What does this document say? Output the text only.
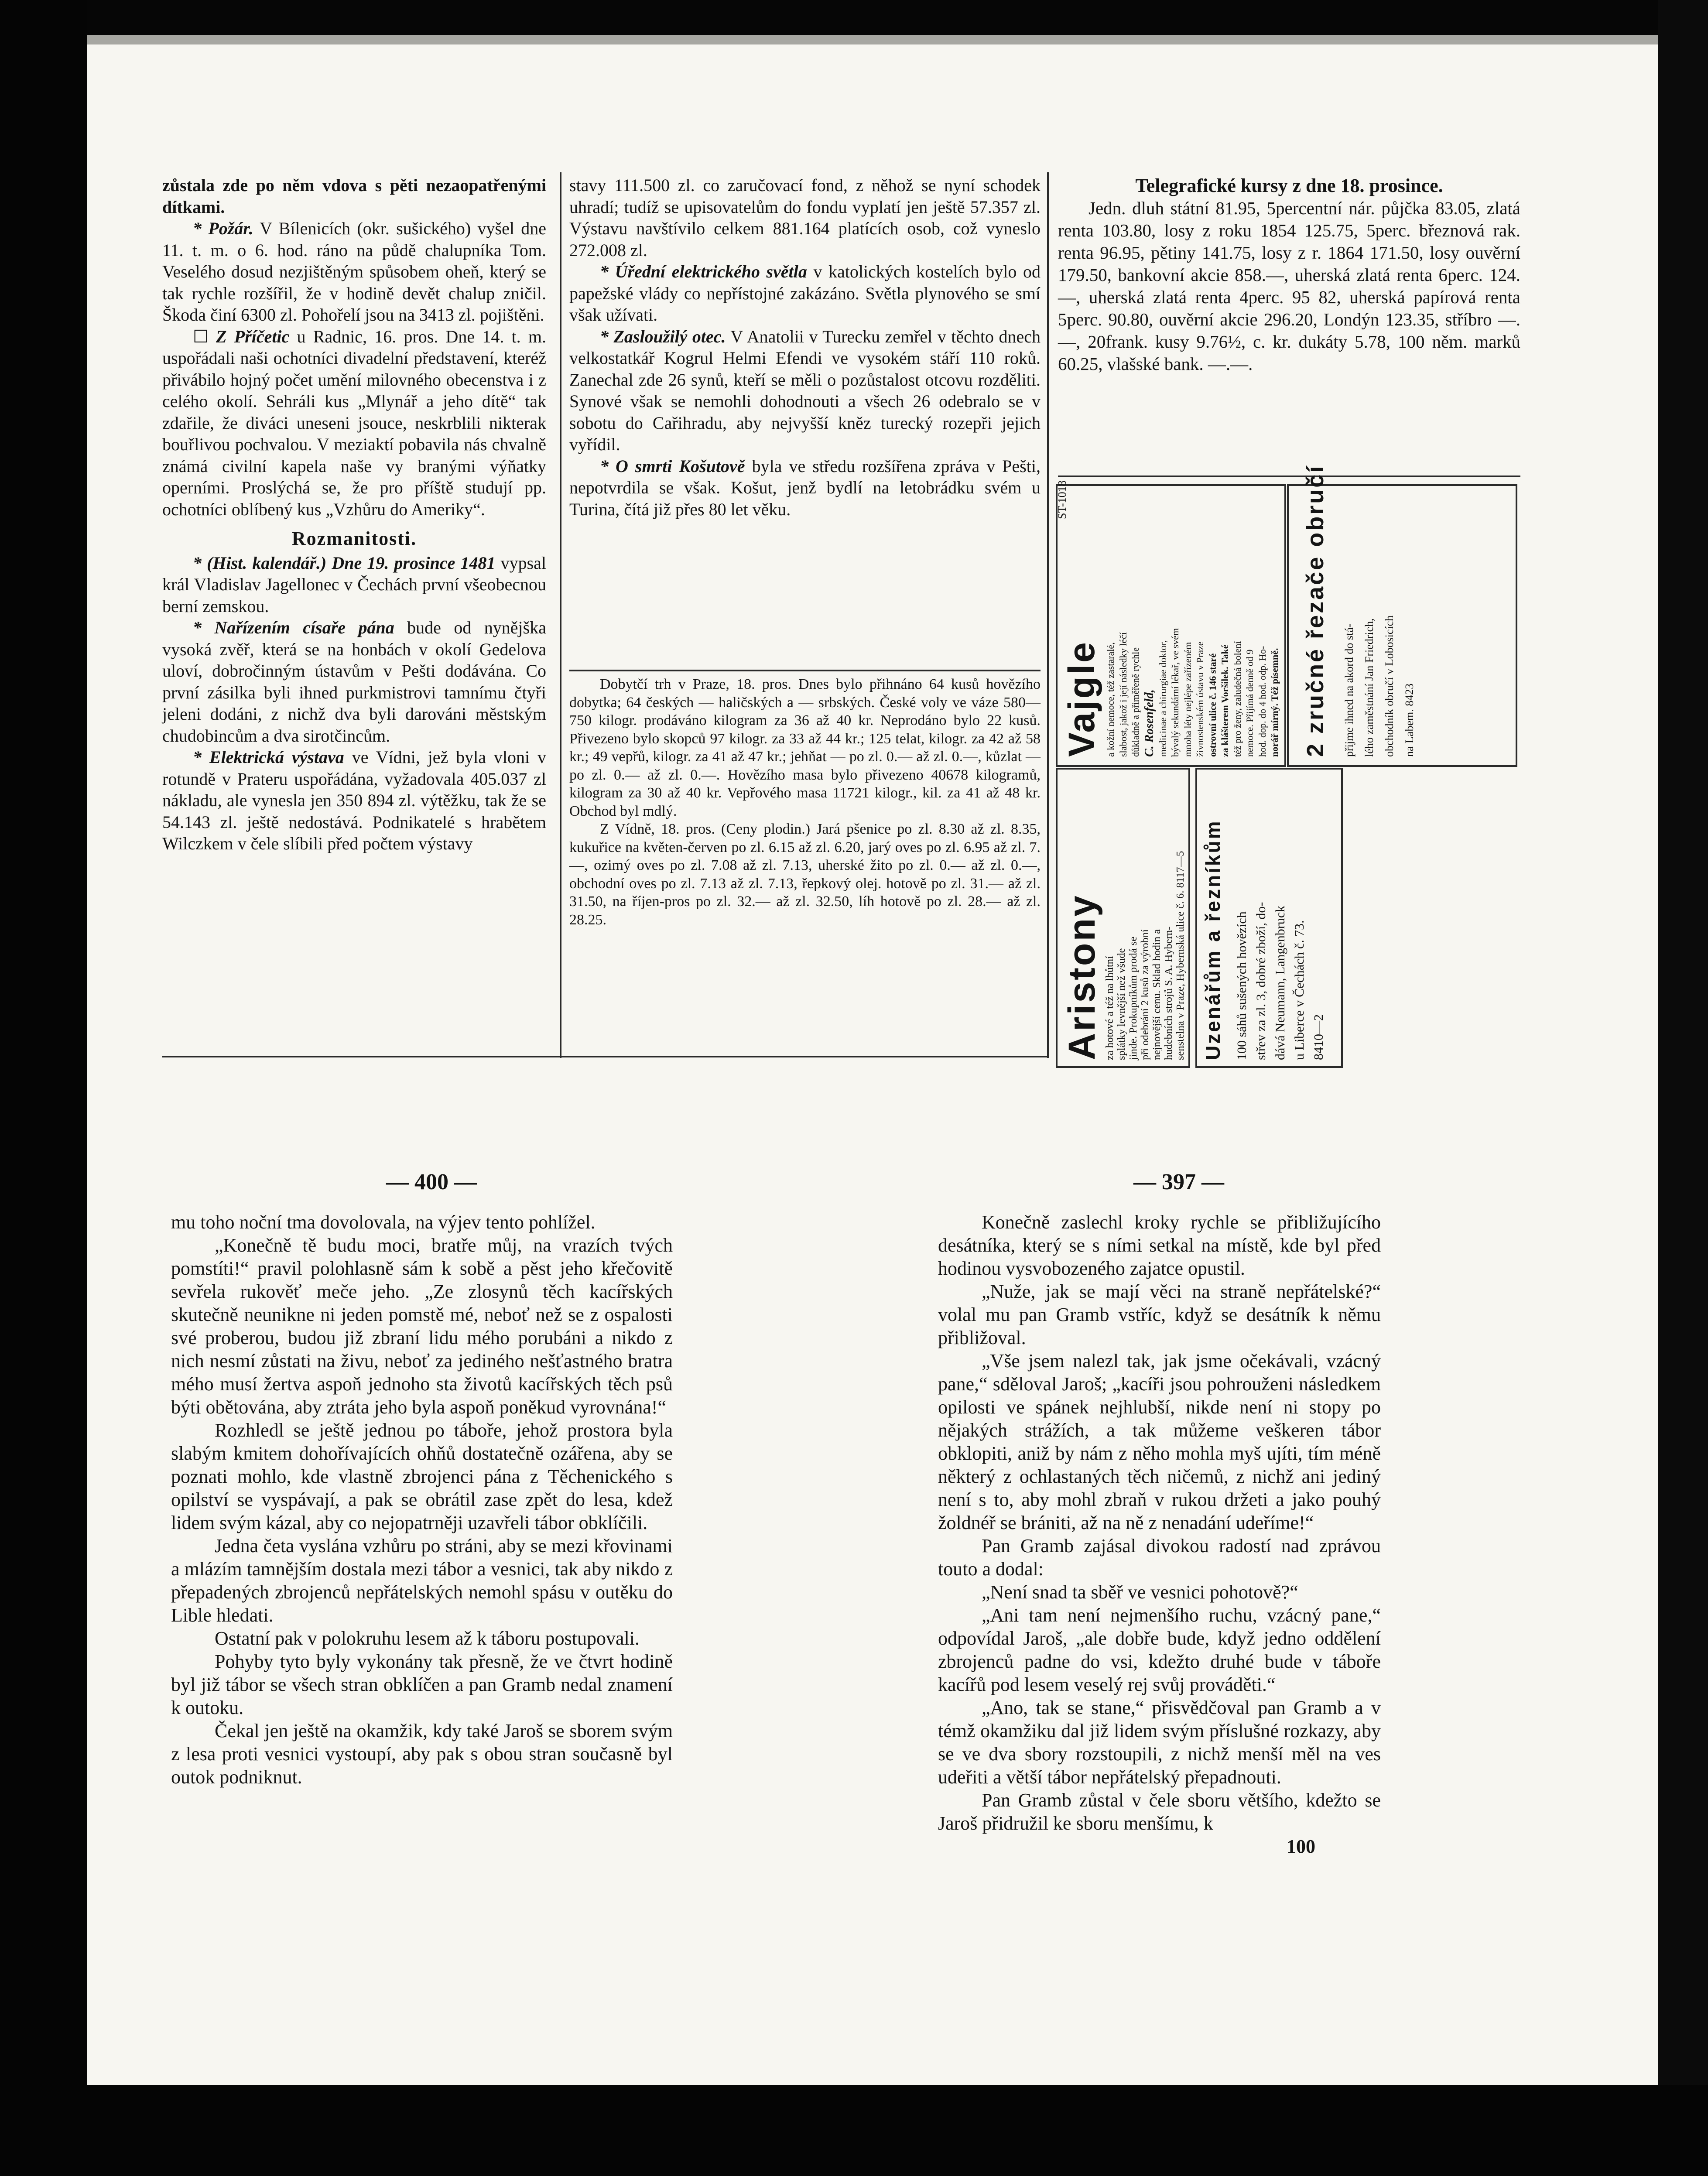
zůstala zde po něm vdova s pěti nezaopatřenými dítkami.

* Požár. V Bílenicích (okr. sušického) vyšel dne 11. t. m. o 6. hod. ráno na půdě chalupníka Tom. Veselého dosud nezjištěným spůsobem oheň, který se tak rychle rozšířil, že v hodině devět chalup zničil. Škoda činí 6300 zl. Pohořelí jsou na 3413 zl. pojištěni.

☐ Z Příčetic u Radnic, 16. pros. Dne 14. t. m. uspořádali naši ochotníci divadelní představení, kteréž přivábilo hojný počet umění milovného obecenstva i z celého okolí. Sehráli kus „Mlynář a jeho dítě“ tak zdařile, že diváci uneseni jsouce, neskrblili nikterak bouřlivou pochvalou. V meziaktí pobavila nás chvalně známá civilní kapela naše vy branými výňatky operními. Proslýchá se, že pro příště studují pp. ochotníci oblíbený kus „Vzhůru do Ameriky“.

Rozmanitosti.

* (Hist. kalendář.) Dne 19. prosince 1481 vypsal král Vladislav Jagellonec v Čechách první všeobecnou berní zemskou.

* Nařízením císaře pána bude od nynějška vysoká zvěř, která se na honbách v okolí Gedelova uloví, dobročinným ústavům v Pešti dodávána. Co první zásilka byli ihned purkmistrovi tamnímu čtyři jeleni dodáni, z nichž dva byli darováni městským chudobincům a dva sirotčincům.

* Elektrická výstava ve Vídni, jež byla vloni v rotundě v Prateru uspořádána, vyžadovala 405.037 zl nákladu, ale vynesla jen 350 894 zl. výtěžku, tak že se 54.143 zl. ještě nedostává. Podnikatelé s hrabětem Wilczkem v čele slíbili před počtem výstavy

stavy 111.500 zl. co zaručovací fond, z něhož se nyní schodek uhradí; tudíž se upisovatelům do fondu vyplatí jen ještě 57.357 zl. Výstavu navštívilo celkem 881.164 platících osob, což vyneslo 272.008 zl.

* Úřední elektrického světla v katolických kostelích bylo od papežské vlády co nepřístojné zakázáno. Světla plynového se smí však užívati.

* Zasloužilý otec. V Anatolii v Turecku zemřel v těchto dnech velkostatkář Kogrul Helmi Efendi ve vysokém stáří 110 roků. Zanechal zde 26 synů, kteří se měli o pozůstalost otcovu rozděliti. Synové však se nemohli dohodnouti a všech 26 odebralo se v sobotu do Cařihradu, aby nejvyšší kněz turecký rozepři jejich vyřídil.

* O smrti Košutově byla ve středu rozšířena zpráva v Pešti, nepotvrdila se však. Košut, jenž bydlí na letobrádku svém u Turina, čítá již přes 80 let věku.

Dobytčí trh v Praze, 18. pros. Dnes bylo přihnáno 64 kusů hovězího dobytka; 64 českých — haličských a — srbských. České voly ve váze 580—750 kilogr. prodáváno kilogram za 36 až 40 kr. Neprodáno bylo 22 kusů. Přivezeno bylo skopců 97 kilogr. za 33 až 44 kr.; 125 telat, kilogr. za 42 až 58 kr.; 49 vepřů, kilogr. za 41 až 47 kr.; jehňat — po zl. 0.— až zl. 0.—, kůzlat — po zl. 0.— až zl. 0.—. Hovězího masa bylo přivezeno 40678 kilogramů, kilogram za 30 až 40 kr. Vepřového masa 11721 kilogr., kil. za 41 až 48 kr. Obchod byl mdlý.

Z Vídně, 18. pros. (Ceny plodin.) Jará pšenice po zl. 8.30 až zl. 8.35, kukuřice na květen-červen po zl. 6.15 až zl. 6.20, jarý oves po zl. 6.95 až zl. 7.—, ozimý oves po zl. 7.08 až zl. 7.13, uherské žito po zl. 0.— až zl. 0.—, obchodní oves po zl. 7.13 až zl. 7.13, řepkový olej. hotově po zl. 31.— až zl. 31.50, na říjen-pros po zl. 32.— až zl. 32.50, líh hotově po zl. 28.— až zl. 28.25.

Telegrafické kursy z dne 18. prosince.

Jedn. dluh státní 81.95, 5percentní nár. půjčka 83.05, zlatá renta 103.80, losy z roku 1854 125.75, 5perc. březnová rak. renta 96.95, pětiny 141.75, losy z r. 1864 171.50, losy ouvěrní 179.50, bankovní akcie 858.—, uherská zlatá renta 6perc. 124.—, uherská zlatá renta 4perc. 95 82, uherská papírová renta 5perc. 90.80, ouvěrní akcie 296.20, Londýn 123.35, stříbro —.—, 20frank. kusy 9.76½, c. kr. dukáty 5.78, 100 něm. marků 60.25, vlašské bank. —.—.

Aristony za hotové a též na lhůtní splátky levnější než všude jinde. Prokupníkům prodá se při odebrání 2 kusů za výrobní nejnovější cenu. Sklad hodin a hudebních strojů S. A. Hybern- senstelna v Praze, Hybernská ulice č. 6. 8117—5
Vajgle a kožní nemoce, též zastaralé, slabost, jakož i její následky léčí důkladně a přiměřeně rychle C. Rosenfeld, medicinae a chirurgiae doktor, bývalý sekundární lékař, ve svém mnoha léty nejlépe zařízeném živnostenském ústavu v Praze ostrovní ulice č. 146 staré za klášterem Voršilek. Také též pro ženy, zaludečná bolení nemoce. Přijímá denně od 9 hod. dop. do 4 hod. odp. Ho- norář mírný. Též písemně.
ST-1018
Uzenářům a řezníkům 100 sáhů sušených hovězích střev za zl. 3, dobré zboží, do- dává Neumann, Langenbruck u Liberce v Čechách č. 73. 8410—2
2 zručné řezače obručí	přijme ihned na akord do stá- lého zaměstnání Jan Friedrich, obchodník obručí v Lobosicích na Labem. 8423
— 400 —	— 397 —

mu toho noční tma dovolovala, na výjev tento pohlížel.

„Konečně tě budu moci, bratře můj, na vrazích tvých pomstíti!“ pravil polohlasně sám k sobě a pěst jeho křečovitě sevřela rukověť meče jeho. „Ze zlosynů těch kacířských skutečně neunikne ni jeden pomstě mé, neboť než se z ospalosti své proberou, budou již zbraní lidu mého porubáni a nikdo z nich nesmí zůstati na živu, neboť za jediného nešťastného bratra mého musí žertva aspoň jednoho sta životů kacířských těch psů býti obětována, aby ztráta jeho byla aspoň poněkud vyrovnána!“

Rozhledl se ještě jednou po táboře, jehož prostora byla slabým kmitem dohořívajících ohňů dostatečně ozářena, aby se poznati mohlo, kde vlastně zbrojenci pána z Těchenického s opilství se vyspávají, a pak se obrátil zase zpět do lesa, kdež lidem svým kázal, aby co nejopatrněji uzavřeli tábor obklíčili.

Jedna četa vyslána vzhůru po stráni, aby se mezi křovinami a mlázím tamnějším dostala mezi tábor a vesnici, tak aby nikdo z přepadených zbrojenců nepřátelských nemohl spásu v outěku do Lible hledati.

Ostatní pak v polokruhu lesem až k táboru postupovali.

Pohyby tyto byly vykonány tak přesně, že ve čtvrt hodině byl již tábor se všech stran obklíčen a pan Gramb nedal znamení k outoku.

Čekal jen ještě na okamžik, kdy také Jaroš se sborem svým z lesa proti vesnici vystoupí, aby pak s obou stran současně byl outok podniknut.

Konečně zaslechl kroky rychle se přibližujícího desátníka, který se s ními setkal na místě, kde byl před hodinou vysvobozeného zajatce opustil.

„Nuže, jak se mají věci na straně nepřátelské?“ volal mu pan Gramb vstříc, když se desátník k němu přibližoval.

„Vše jsem nalezl tak, jak jsme očekávali, vzácný pane,“ sděloval Jaroš; „kacíři jsou pohrouženi následkem opilosti ve spánek nejhlubší, nikde není ni stopy po nějakých strážích, a tak můžeme veškeren tábor obklopiti, aniž by nám z něho mohla myš ujíti, tím méně některý z ochlastaných těch ničemů, z nichž ani jediný není s to, aby mohl zbraň v rukou držeti a jako pouhý žoldnéř se brániti, až na ně z nenadání udeříme!“

Pan Gramb zajásal divokou radostí nad zprávou touto a dodal:

„Není snad ta sběř ve vesnici pohotově?“

„Ani tam není nejmenšího ruchu, vzácný pane,“ odpovídal Jaroš, „ale dobře bude, když jedno oddělení zbrojenců padne do vsi, kdežto druhé bude v táboře kacířů pod lesem veselý rej svůj prováděti.“

„Ano, tak se stane,“ přisvědčoval pan Gramb a v témž okamžiku dal již lidem svým příslušné rozkazy, aby se ve dva sbory rozstoupili, z nichž menší měl na ves udeřiti a větší tábor nepřátelský přepadnouti.

Pan Gramb zůstal v čele sboru většího, kdežto se Jaroš přidružil ke sboru menšímu, k

100
